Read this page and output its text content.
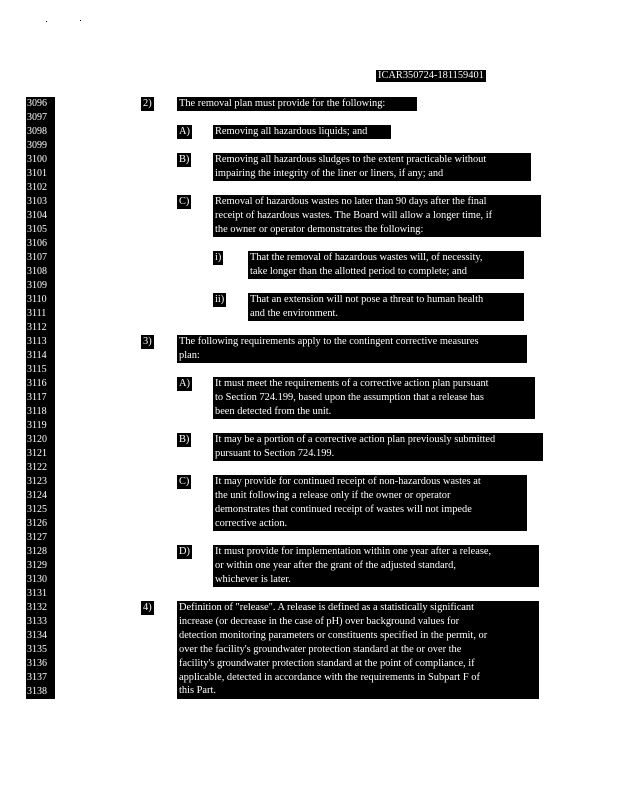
ICAR350724-181159401
3096
3097
3098
3099
3100
3101
3102
3103
3104
3105
3106
3107
3108
3109
3110
3111
3112
3113
3114
3115
3116
3117
3118
3119
3120
3121
3122
3123
3124
3125
3126
3127
3128
3129
3130
3131
3132
3133
3134
3135
3136
3137
3138
2)	The removal plan must provide for the following:
A) Removing all hazardous liquids; and
B) Removing all hazardous sludges to the extent practicable without
impairing the integrity of the liner or liners, if any; and
C) Removal of hazardous wastes no later than 90 days after the final
receipt of hazardous wastes. The Board will allow a longer time, if
the owner or operator demonstrates the following:
i)	That the removal of hazardous wastes will, of necessity,
take longer than the allotted period to complete; and
ii) That an extension will not pose a threat to human health
and the environment.
3)	The following requirements apply to the contingent corrective measures
plan:
A) It must meet the requirements of a corrective action plan pursuant
to Section 724.199, based upon the assumption that a release has
been detected from the unit.
B) It may be a portion of a corrective action plan previously submitted
pursuant to Section 724.199.
C) It may provide for continued receipt of non-hazardous wastes at
the unit following a release only if the owner or operator
demonstrates that continued receipt of wastes will not impede
corrective action.
D) It must provide for implementation within one year after a release,
or within one year after the grant of the adjusted standard,
whichever is later.
4)	Definition of "release". A release is defined as a statistically significant
increase (or decrease in the case of pH) over background values for
detection monitoring parameters or constituents specified in the permit, or
over the facility's groundwater protection standard at the or over the
facility's groundwater protection standard at the point of compliance, if
applicable, detected in accordance with the requirements in Subpart F of
this Part.
